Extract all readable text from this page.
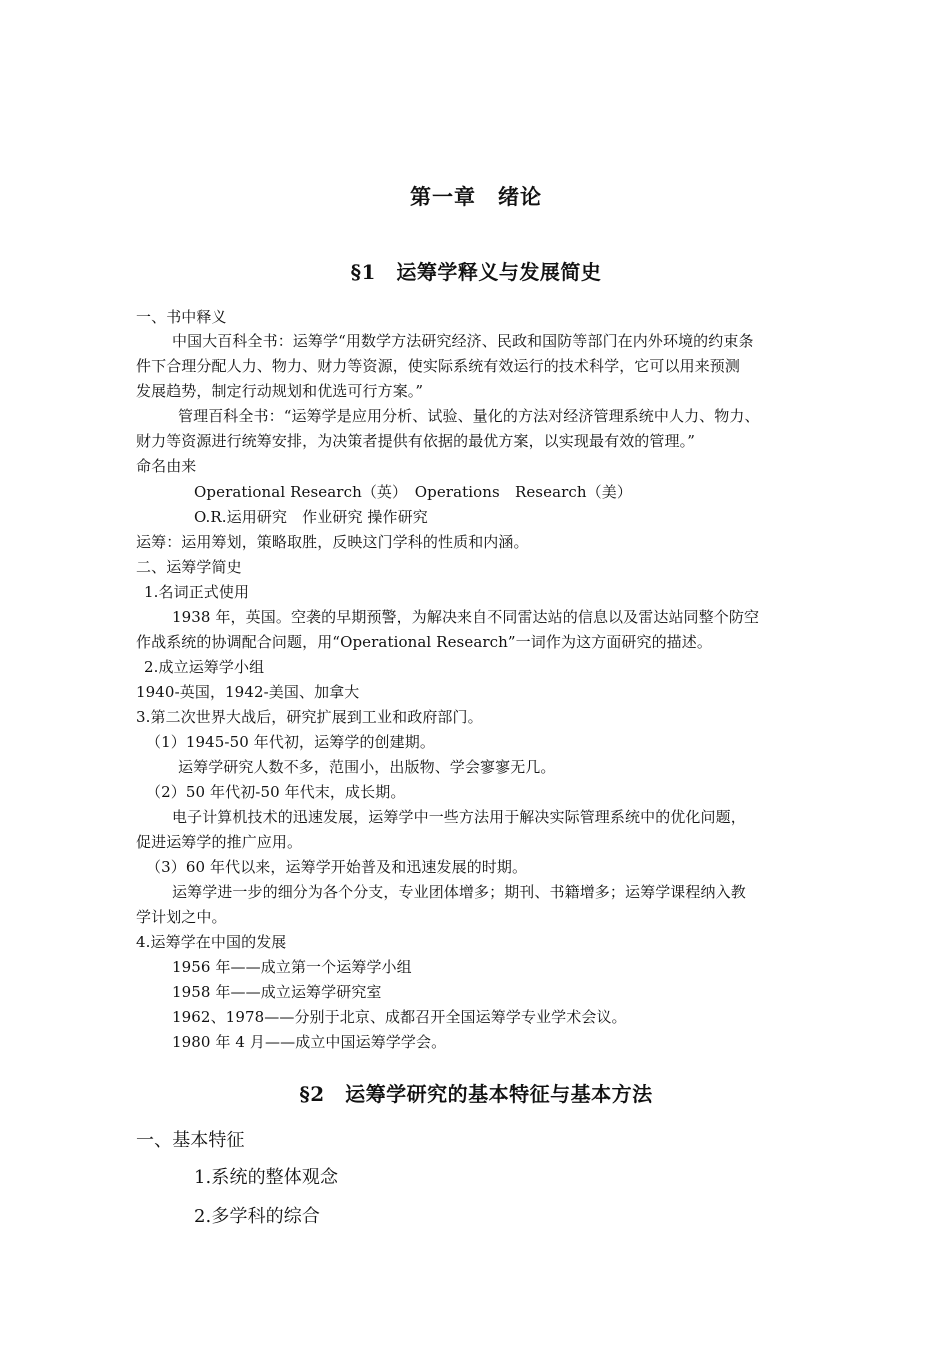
第一章　绪论
§1　运筹学释义与发展简史
一、书中释义
中国大百科全书：运筹学“用数学方法研究经济、民政和国防等部门在内外环境的约束条
件下合理分配人力、物力、财力等资源，使实际系统有效运行的技术科学，它可以用来预测
发展趋势，制定行动规划和优选可行方案。”
管理百科全书：“运筹学是应用分析、试验、量化的方法对经济管理系统中人力、物力、
财力等资源进行统筹安排，为决策者提供有依据的最优方案，以实现最有效的管理。”
命名由来
Operational Research（英）　Operations　Research（美）
O.R.运用研究　作业研究 操作研究
运筹：运用筹划，策略取胜，反映这门学科的性质和内涵。
二、运筹学简史
1.名词正式使用
1938 年，英国。空袭的早期预警，为解决来自不同雷达站的信息以及雷达站同整个防空
作战系统的协调配合问题，用“Operational Research”一词作为这方面研究的描述。
2.成立运筹学小组
1940-英国，1942-美国、加拿大
3.第二次世界大战后，研究扩展到工业和政府部门。
（1）1945-50 年代初，运筹学的创建期。
运筹学研究人数不多，范围小，出版物、学会寥寥无几。
（2）50 年代初-50 年代末，成长期。
电子计算机技术的迅速发展，运筹学中一些方法用于解决实际管理系统中的优化问题，
促进运筹学的推广应用。
（3）60 年代以来，运筹学开始普及和迅速发展的时期。
运筹学进一步的细分为各个分支，专业团体增多；期刊、书籍增多；运筹学课程纳入教
学计划之中。
4.运筹学在中国的发展
1956 年——成立第一个运筹学小组
1958 年——成立运筹学研究室
1962、1978——分别于北京、成都召开全国运筹学专业学术会议。
1980 年 4 月——成立中国运筹学学会。
§2　运筹学研究的基本特征与基本方法
一、基本特征
1.系统的整体观念
2.多学科的综合
